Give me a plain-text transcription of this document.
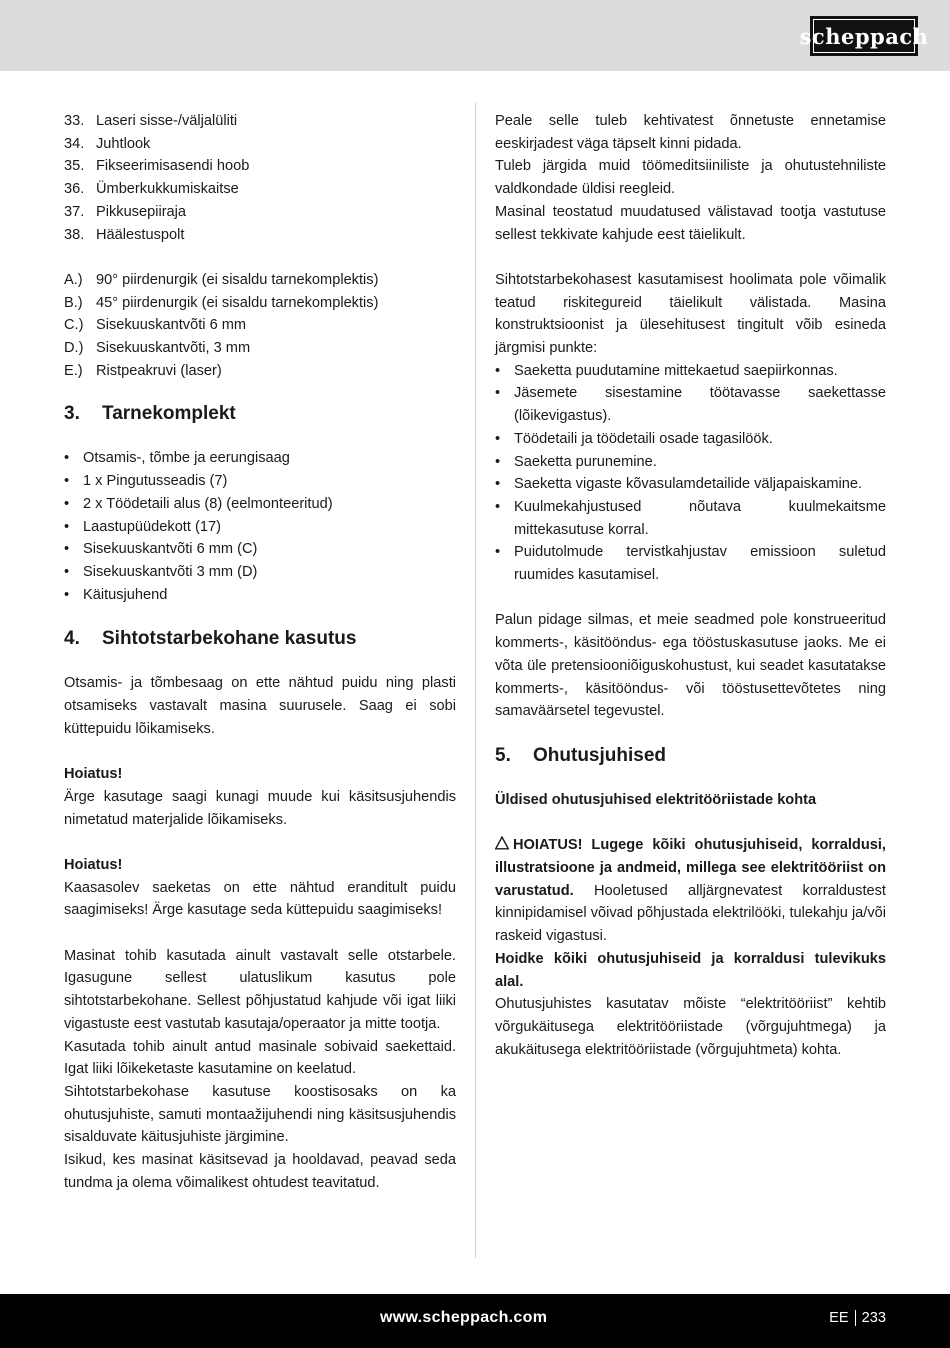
scheppach
33. Laseri sisse-/väljalüliti
34. Juhtlook
35. Fikseerimisasendi hoob
36. Ümberkukkumiskaitse
37. Pikkusepiiraja
38. Häälestuspolt
A.) 90° piirdenurgik (ei sisaldu tarnekomplektis)
B.) 45° piirdenurgik (ei sisaldu tarnekomplektis)
C.) Sisekuuskantvõti 6 mm
D.) Sisekuuskantvõti, 3 mm
E.) Ristpeakruvi (laser)
3.	Tarnekomplekt
• Otsamis-, tõmbe ja eerungisaag
• 1 x Pingutusseadis (7)
• 2 x Töödetaili alus (8) (eelmonteeritud)
• Laastupüüdekott (17)
• Sisekuuskantvõti 6 mm (C)
• Sisekuuskantvõti 3 mm (D)
• Käitusjuhend
4.	Sihtotstarbekohane kasutus

Otsamis- ja tõmbesaag on ette nähtud puidu ning plasti otsamiseks vastavalt masina suurusele. Saag ei sobi küttepuidu lõikamiseks.

Hoiatus!

Ärge kasutage saagi kunagi muude kui käsitsusjuhendis nimetatud materjalide lõikamiseks.

Hoiatus!

Kaasasolev saeketas on ette nähtud eranditult puidu saagimiseks! Ärge kasutage seda küttepuidu saagimiseks!

Masinat tohib kasutada ainult vastavalt selle otstarbele. Igasugune sellest ulatuslikum kasutus pole sihtotstarbekohane. Sellest põhjustatud kahjude või igat liiki vigastuste eest vastutab kasutaja/operaator ja mitte tootja.

Kasutada tohib ainult antud masinale sobivaid saekettaid. Igat liiki lõikeketaste kasutamine on keelatud.

Sihtotstarbekohase kasutuse koostisosaks on ka ohutusjuhiste, samuti montaažijuhendi ning käsitsusjuhendis sisalduvate käitusjuhiste järgimine.

Isikud, kes masinat käsitsevad ja hooldavad, peavad seda tundma ja olema võimalikest ohtudest teavitatud.

Peale selle tuleb kehtivatest õnnetuste ennetamise eeskirjadest väga täpselt kinni pidada.

Tuleb järgida muid töömeditsiiniliste ja ohutustehniliste valdkondade üldisi reegleid.

Masinal teostatud muudatused välistavad tootja vastutuse sellest tekkivate kahjude eest täielikult.

Sihtotstarbekohasest kasutamisest hoolimata pole võimalik teatud riskitegureid täielikult välistada. Masina konstruktsioonist ja ülesehitusest tingitult võib esineda järgmisi punkte:

• Saeketta puudutamine mittekaetud saepiirkonnas.
• Jäsemete sisestamine töötavasse saekettasse (lõikevigastus).
• Töödetaili ja töödetaili osade tagasilöök.
• Saeketta purunemine.
• Saeketta vigaste kõvasulamdetailide väljapaiskamine.
• Kuulmekahjustused nõutava kuulmekaitsme mittekasutuse korral.
• Puidutolmude tervistkahjustav emissioon suletud ruumides kasutamisel.

Palun pidage silmas, et meie seadmed pole konstrueeritud kommerts-, käsitööndus- ega tööstuskasutuse jaoks. Me ei võta üle pretensiooniõiguskohustust, kui seadet kasutatakse kommerts-, käsitööndus- või tööstusettevõtetes ning samaväärsetel tegevustel.

5.	Ohutusjuhised

Üldised ohutusjuhised elektritööriistade kohta

HOIATUS! Lugege kõiki ohutusjuhiseid, korraldusi, illustratsioone ja andmeid, millega see elektritööriist on varustatud. Hooletused alljärgnevatest korraldustest kinnipidamisel võivad põhjustada elektrilööki, tulekahju ja/või raskeid vigastusi.

Hoidke kõiki ohutusjuhiseid ja korraldusi tulevikuks alal.

Ohutusjuhistes kasutatav mõiste “elektritööriist” kehtib võrgukäitusega elektritööriistade (võrgujuhtmega) ja akukäitusega elektritööriistade (võrgujuhtmeta) kohta.

www.scheppach.com	EE 233
